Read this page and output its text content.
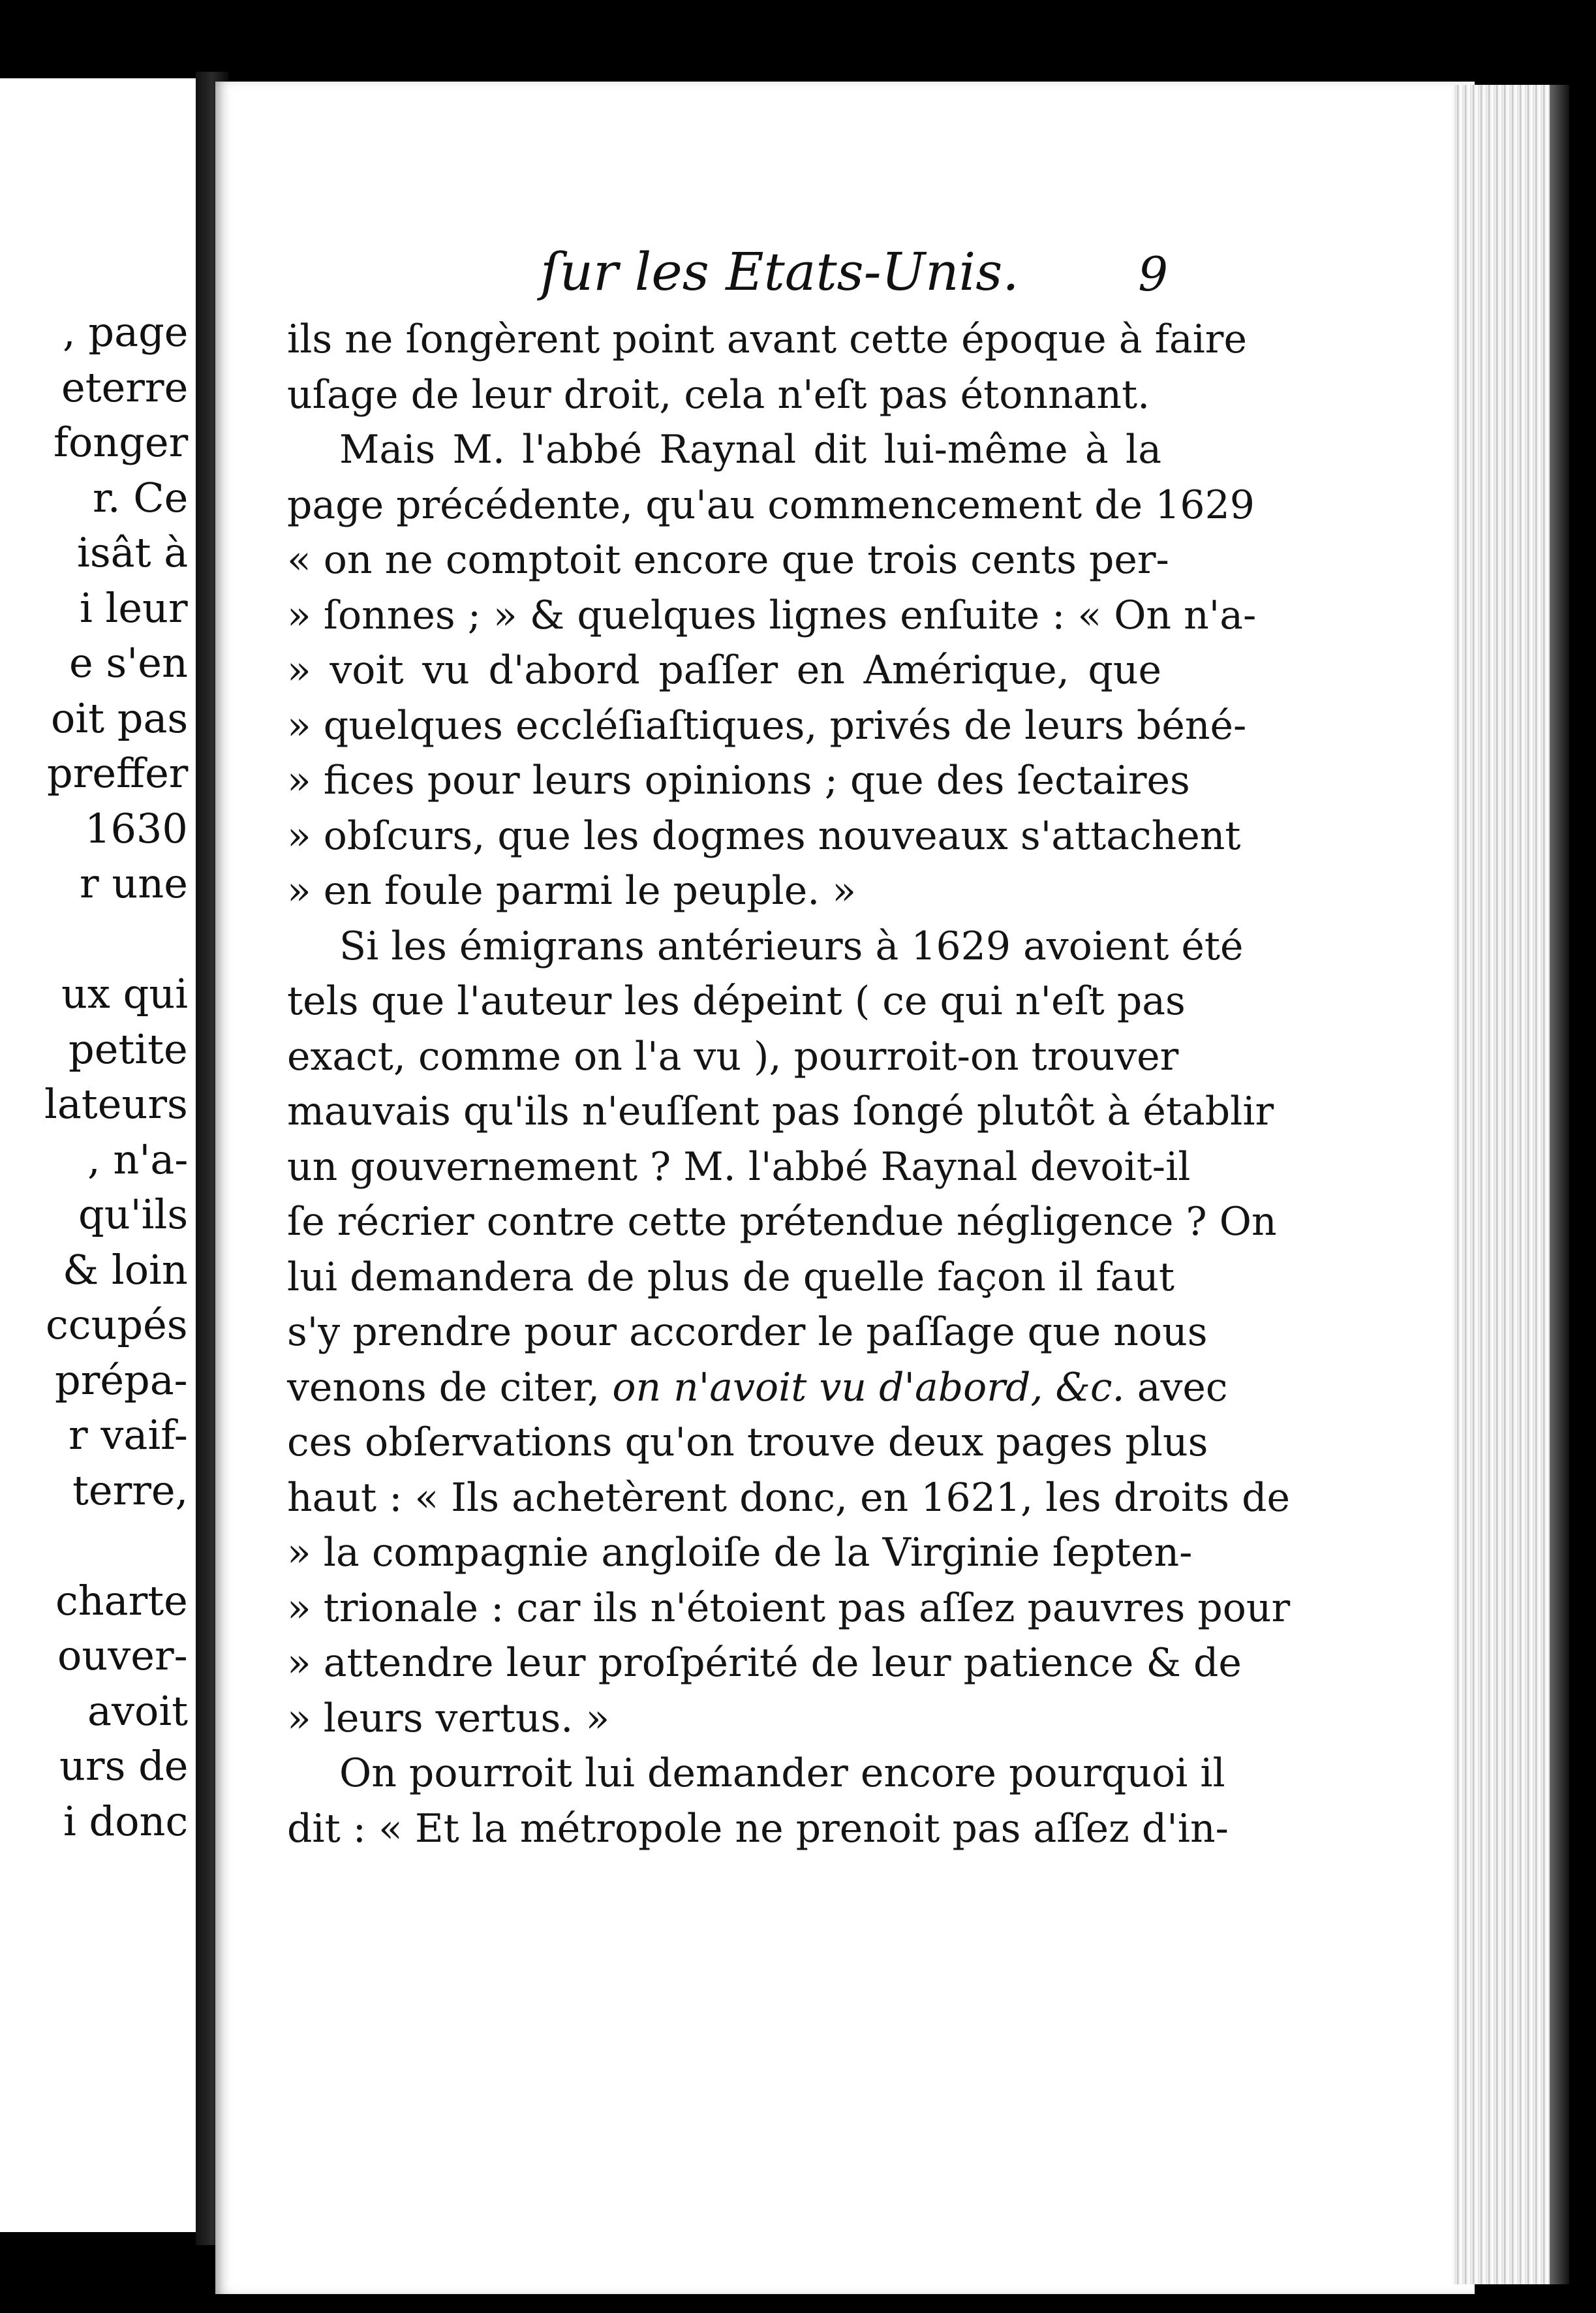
, page
eterre
fonger
r. Ce
isât à
i leur
e s'en
oit pas
preffer
1630
r une
ux qui
petite
lateurs
, n'a-
qu'ils
& loin
ccupés
prépa-
r vaif-
terre,
charte
ouver-
avoit
urs de
i donc
ſur les Etats-Unis.	9
ils ne ſongèrent point avant cette époque à faire
uſage de leur droit, cela n'eſt pas étonnant.
Mais M. l'abbé Raynal dit lui-même à la
page précédente, qu'au commencement de 1629
« on ne comptoit encore que trois cents per-
» ſonnes ; » & quelques lignes enſuite : « On n'a-
» voit vu d'abord paſſer en Amérique, que
» quelques eccléſiaſtiques, privés de leurs béné-
» fices pour leurs opinions ; que des ſectaires
» obſcurs, que les dogmes nouveaux s'attachent
» en foule parmi le peuple. »
Si les émigrans antérieurs à 1629 avoient été
tels que l'auteur les dépeint ( ce qui n'eſt pas
exact, comme on l'a vu ), pourroit-on trouver
mauvais qu'ils n'euſſent pas ſongé plutôt à établir
un gouvernement ? M. l'abbé Raynal devoit-il
ſe récrier contre cette prétendue négligence ? On
lui demandera de plus de quelle façon il faut
s'y prendre pour accorder le paſſage que nous
venons de citer, on n'avoit vu d'abord, &c. avec
ces obſervations qu'on trouve deux pages plus
haut : « Ils achetèrent donc, en 1621, les droits de
» la compagnie angloiſe de la Virginie ſepten-
» trionale : car ils n'étoient pas aſſez pauvres pour
» attendre leur proſpérité de leur patience & de
» leurs vertus. »
On pourroit lui demander encore pourquoi il
dit : « Et la métropole ne prenoit pas aſſez d'in-
